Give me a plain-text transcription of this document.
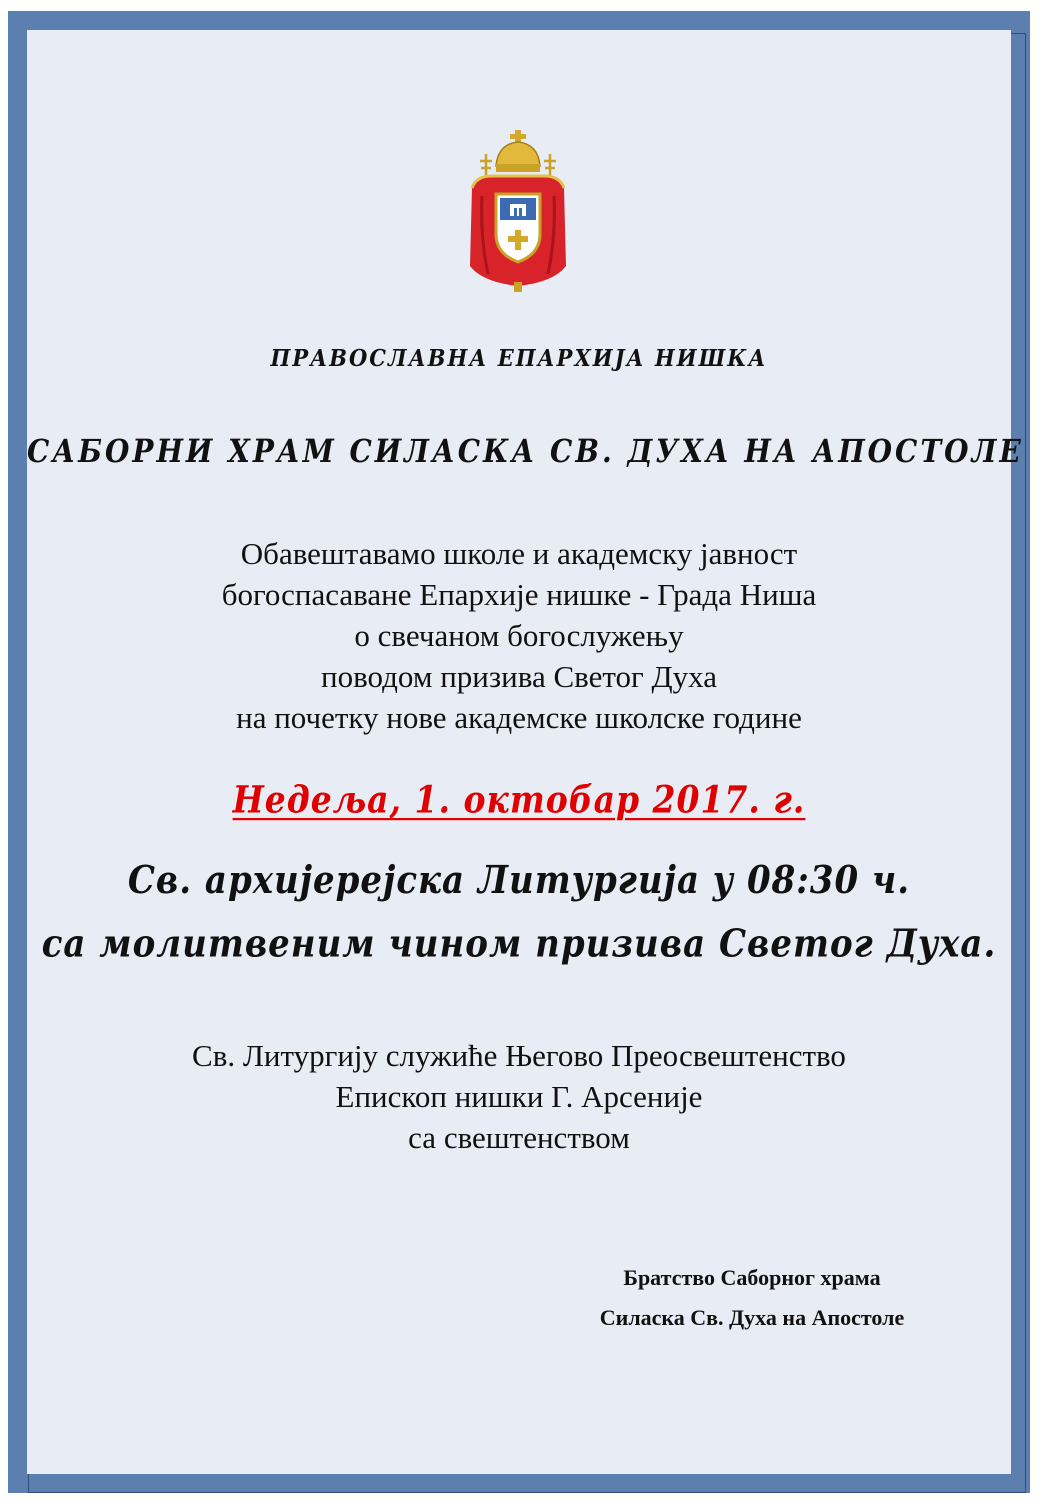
ПРАВОСЛАВНА ЕПАРХИЈА НИШКА
САБОРНИ ХРАМ СИЛАСКА СВ. ДУХА НА АПОСТОЛЕ
Обавештавамо школе и академску јавност
богоспасаване Епархије нишке - Града Ниша
о свечаном богослужењу
поводом призива Светог Духа
на почетку нове академске школске године
Недеља, 1. октобар 2017. г.
Св. архијерејска Литургија у 08:30 ч.
са молитвеним чином призива Светог Духа.
Св. Литургију служиће Његово Преосвештенство
Епископ нишки Г. Арсеније
са свештенством
Братство Саборног храма
Силаска Св. Духа на Апостоле
